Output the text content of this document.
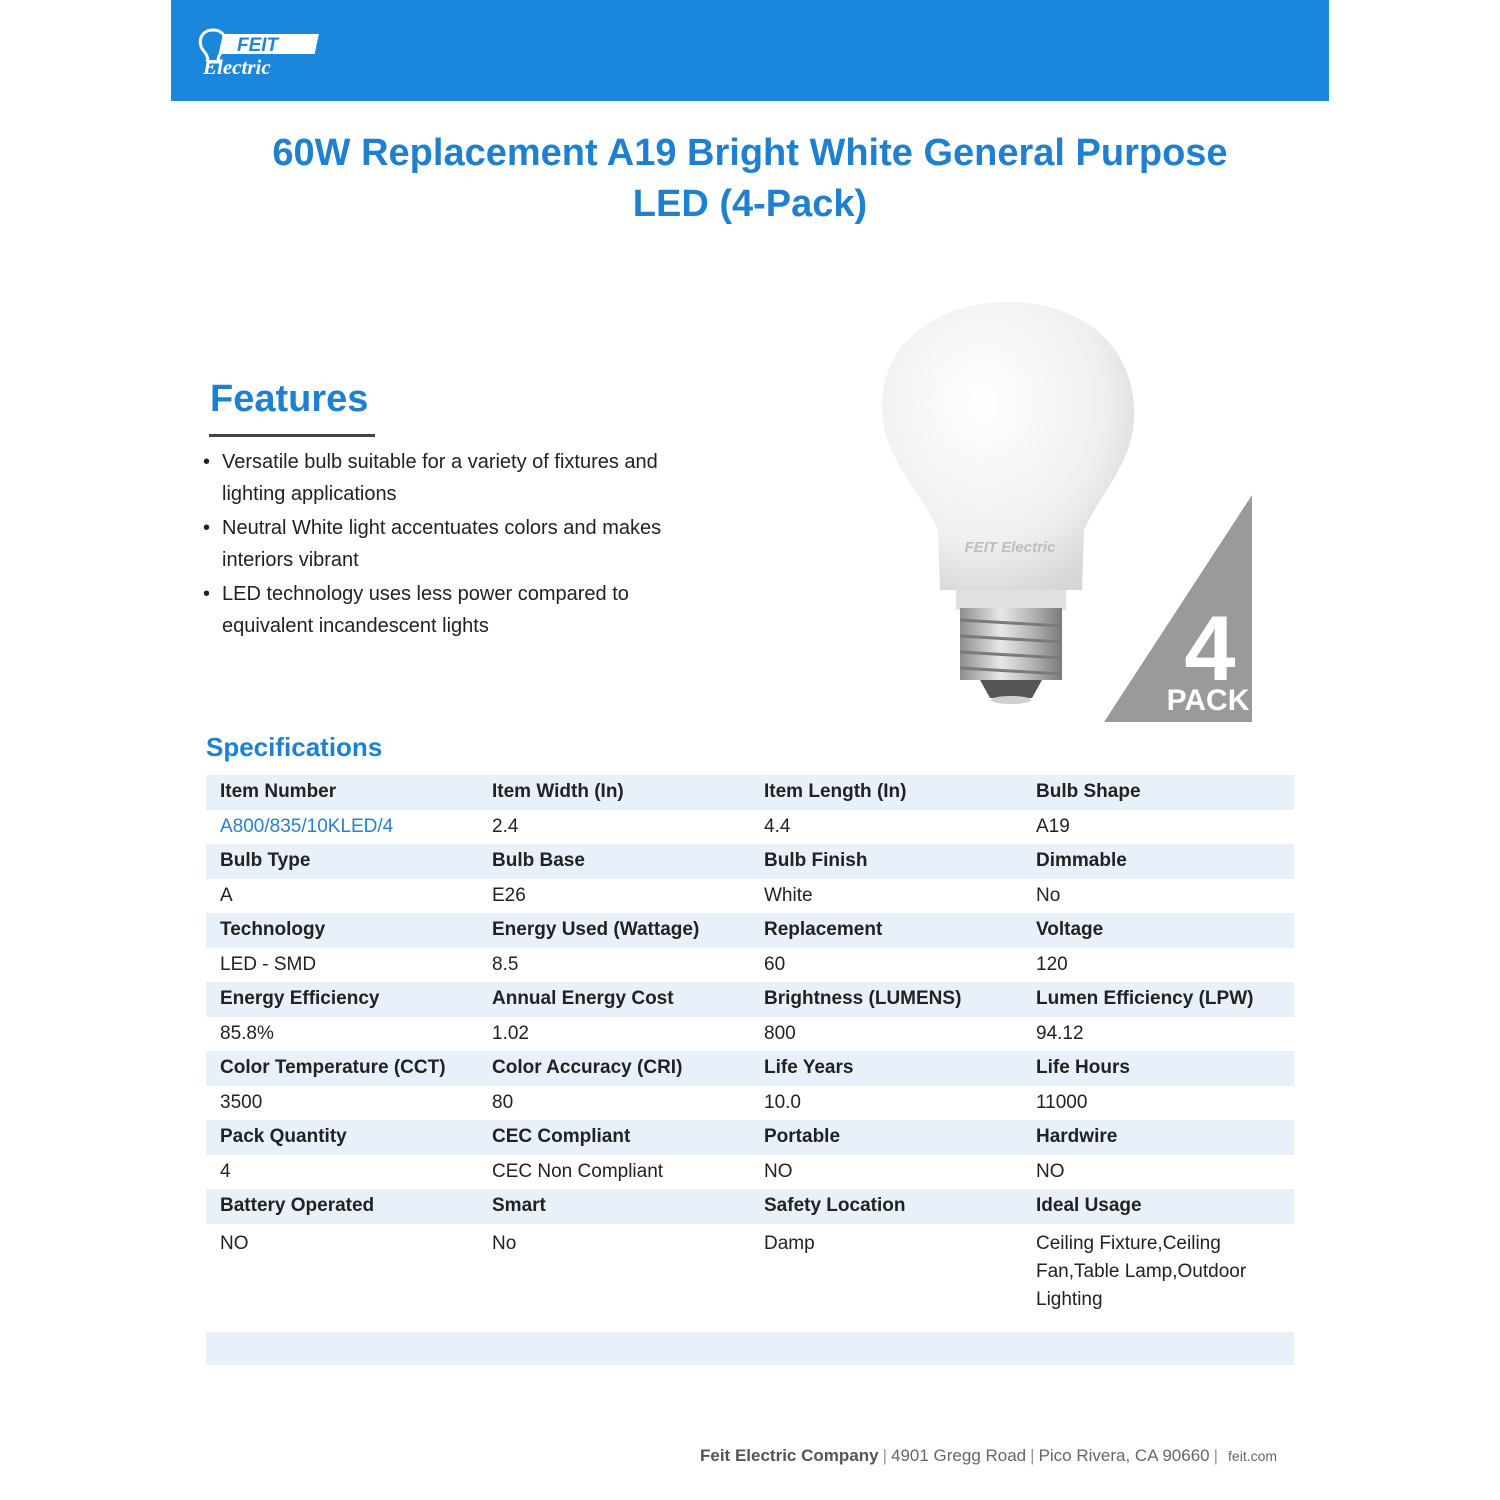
FEIT
Electric
60W Replacement A19 Bright White General Purpose
LED (4-Pack)
Features
• Versatile bulb suitable for a variety of fixtures and lighting applications
• Neutral White light accentuates colors and makes interiors vibrant
• LED technology uses less power compared to equivalent incandescent lights	4
PACK
FEIT Electric
Specifications
Item Number	Item Width (In)	Item Length (In)	Bulb Shape
A800/835/10KLED/4	2.4	4.4	A19
Bulb Type	Bulb Base	Bulb Finish	Dimmable
A	E26	White	No
Technology	Energy Used (Wattage)	Replacement	Voltage
LED - SMD	8.5	60	120
Energy Efficiency	Annual Energy Cost	Brightness (LUMENS)	Lumen Efficiency (LPW)
85.8%	1.02	800	94.12
Color Temperature (CCT)	Color Accuracy (CRI)	Life Years	Life Hours
3500	80	10.0	11000
Pack Quantity	CEC Compliant	Portable	Hardwire
4	CEC Non Compliant	NO	NO
Battery Operated	Smart	Safety Location	Ideal Usage
NO	No	Damp	Ceiling Fixture,Ceiling Fan,Table Lamp,Outdoor Lighting
Feit Electric Company | 4901 Gregg Road | Pico Rivera, CA 90660 | feit.com
